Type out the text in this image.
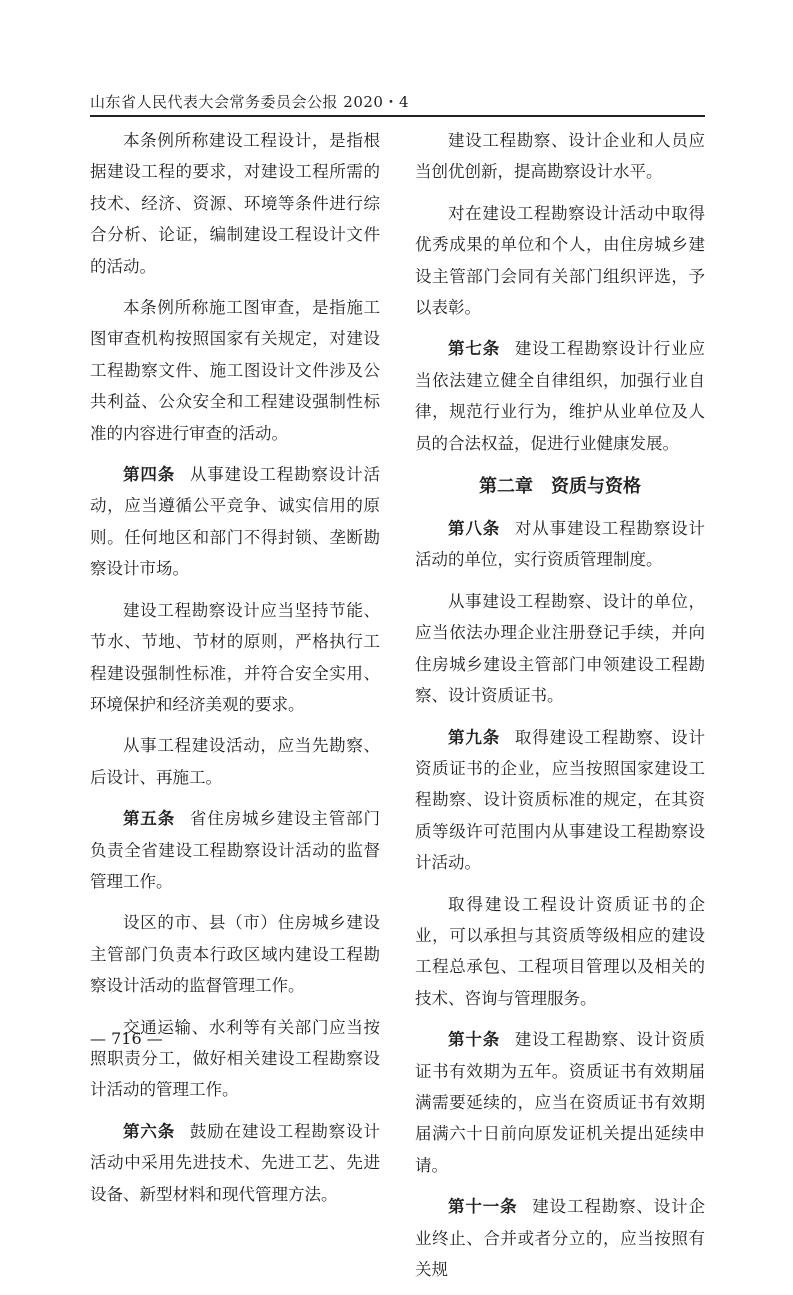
山东省人民代表大会常务委员会公报 2020・4

本条例所称建设工程设计，是指根据建设工程的要求，对建设工程所需的技术、经济、资源、环境等条件进行综合分析、论证，编制建设工程设计文件的活动。

本条例所称施工图审查，是指施工图审查机构按照国家有关规定，对建设工程勘察文件、施工图设计文件涉及公共利益、公众安全和工程建设强制性标准的内容进行审查的活动。

第四条 从事建设工程勘察设计活动，应当遵循公平竞争、诚实信用的原则。任何地区和部门不得封锁、垄断勘察设计市场。

建设工程勘察设计应当坚持节能、节水、节地、节材的原则，严格执行工程建设强制性标准，并符合安全实用、环境保护和经济美观的要求。

从事工程建设活动，应当先勘察、后设计、再施工。

第五条 省住房城乡建设主管部门负责全省建设工程勘察设计活动的监督管理工作。

设区的市、县（市）住房城乡建设主管部门负责本行政区域内建设工程勘察设计活动的监督管理工作。

交通运输、水利等有关部门应当按照职责分工，做好相关建设工程勘察设计活动的管理工作。

第六条 鼓励在建设工程勘察设计活动中采用先进技术、先进工艺、先进设备、新型材料和现代管理方法。

建设工程勘察、设计企业和人员应当创优创新，提高勘察设计水平。

对在建设工程勘察设计活动中取得优秀成果的单位和个人，由住房城乡建设主管部门会同有关部门组织评选，予以表彰。

第七条 建设工程勘察设计行业应当依法建立健全自律组织，加强行业自律，规范行业行为，维护从业单位及人员的合法权益，促进行业健康发展。

第二章　资质与资格

第八条 对从事建设工程勘察设计活动的单位，实行资质管理制度。

从事建设工程勘察、设计的单位，应当依法办理企业注册登记手续，并向住房城乡建设主管部门申领建设工程勘察、设计资质证书。

第九条 取得建设工程勘察、设计资质证书的企业，应当按照国家建设工程勘察、设计资质标准的规定，在其资质等级许可范围内从事建设工程勘察设计活动。

取得建设工程设计资质证书的企业，可以承担与其资质等级相应的建设工程总承包、工程项目管理以及相关的技术、咨询与管理服务。

第十条 建设工程勘察、设计资质证书有效期为五年。资质证书有效期届满需要延续的，应当在资质证书有效期届满六十日前向原发证机关提出延续申请。

第十一条 建设工程勘察、设计企业终止、合并或者分立的，应当按照有关规

— 716 —
